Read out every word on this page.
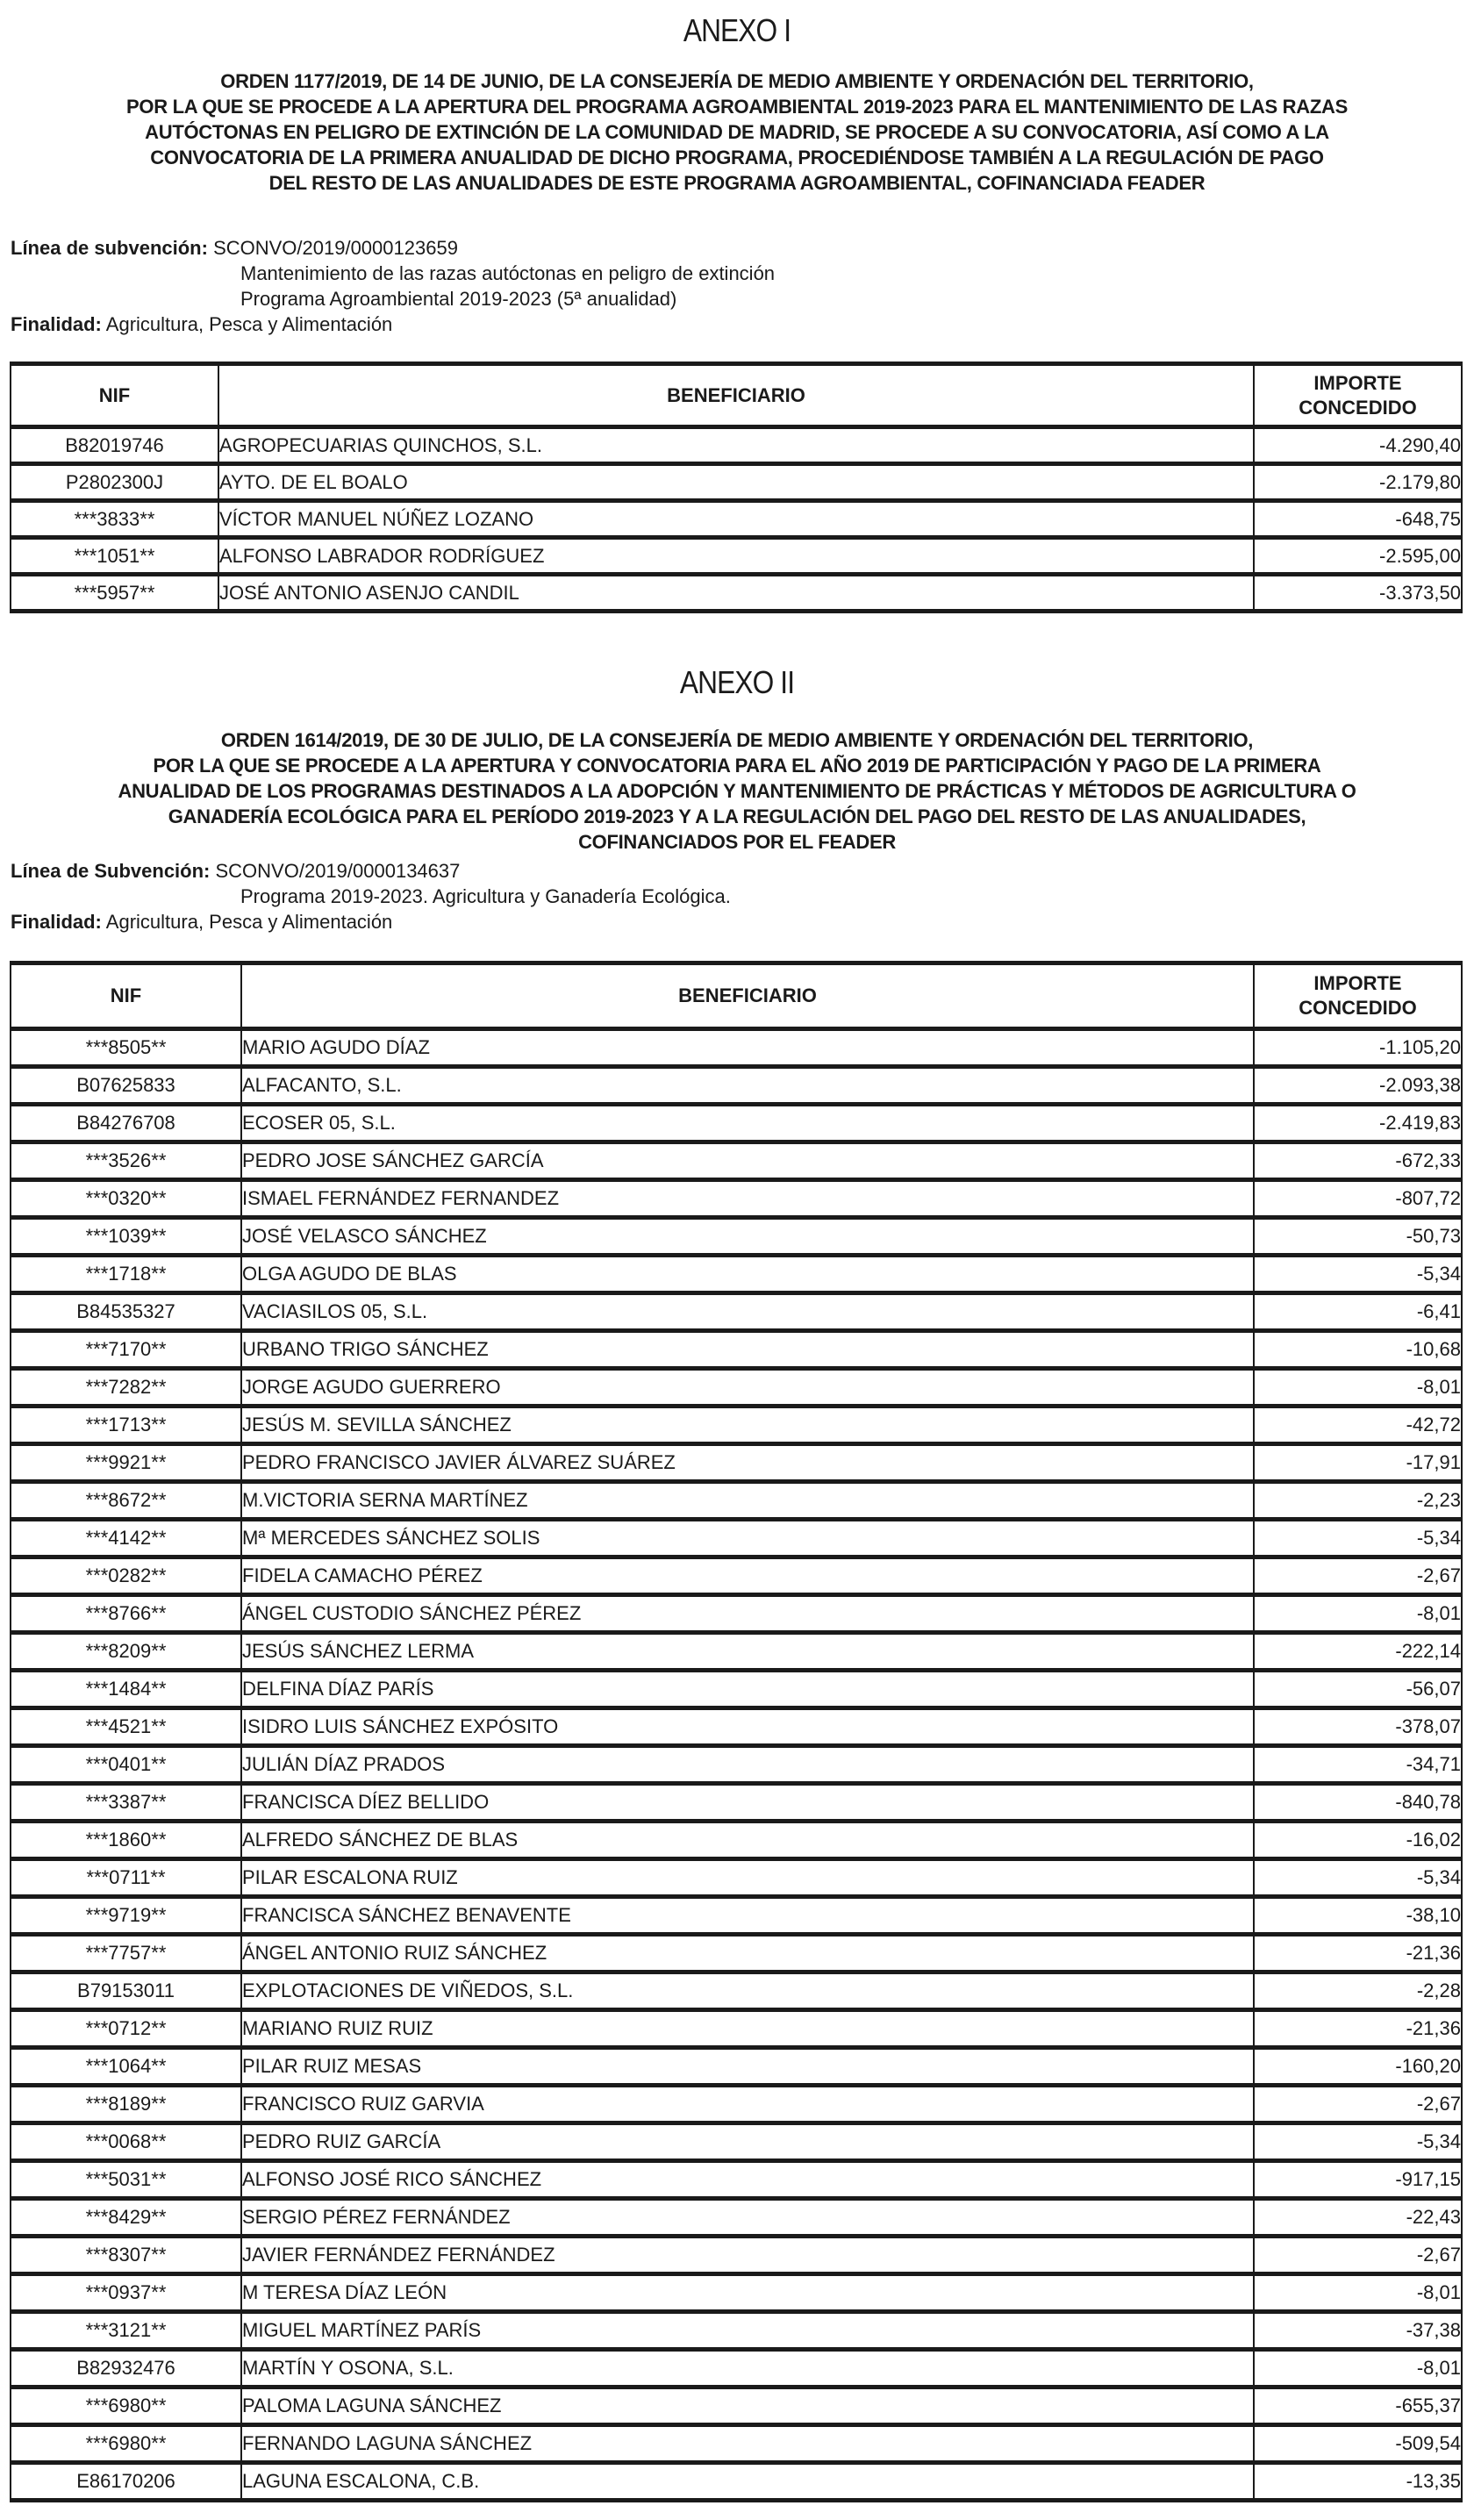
ANEXO I
ORDEN 1177/2019, DE 14 DE JUNIO, DE LA CONSEJERÍA DE MEDIO AMBIENTE Y ORDENACIÓN DEL TERRITORIO,
POR LA QUE SE PROCEDE A LA APERTURA DEL PROGRAMA AGROAMBIENTAL 2019-2023 PARA EL MANTENIMIENTO DE LAS RAZAS
AUTÓCTONAS EN PELIGRO DE EXTINCIÓN DE LA COMUNIDAD DE MADRID, SE PROCEDE A SU CONVOCATORIA, ASÍ COMO A LA
CONVOCATORIA DE LA PRIMERA ANUALIDAD DE DICHO PROGRAMA, PROCEDIÉNDOSE TAMBIÉN A LA REGULACIÓN DE PAGO
DEL RESTO DE LAS ANUALIDADES DE ESTE PROGRAMA AGROAMBIENTAL, COFINANCIADA FEADER
Línea de subvención: SCONVO/2019/0000123659
Mantenimiento de las razas autóctonas en peligro de extinción
Programa Agroambiental 2019-2023 (5ª anualidad)
Finalidad: Agricultura, Pesca y Alimentación
NIF	BENEFICIARIO	IMPORTE
CONCEDIDO
B82019746	AGROPECUARIAS QUINCHOS, S.L.	-4.290,40
P2802300J	AYTO. DE EL BOALO	-2.179,80
***3833**	VÍCTOR MANUEL NÚÑEZ LOZANO	-648,75
***1051**	ALFONSO LABRADOR RODRÍGUEZ	-2.595,00
***5957**	JOSÉ ANTONIO ASENJO CANDIL	-3.373,50
ANEXO II
ORDEN 1614/2019, DE 30 DE JULIO, DE LA CONSEJERÍA DE MEDIO AMBIENTE Y ORDENACIÓN DEL TERRITORIO,
POR LA QUE SE PROCEDE A LA APERTURA Y CONVOCATORIA PARA EL AÑO 2019 DE PARTICIPACIÓN Y PAGO DE LA PRIMERA
ANUALIDAD DE LOS PROGRAMAS DESTINADOS A LA ADOPCIÓN Y MANTENIMIENTO DE PRÁCTICAS Y MÉTODOS DE AGRICULTURA O
GANADERÍA ECOLÓGICA PARA EL PERÍODO 2019-2023 Y A LA REGULACIÓN DEL PAGO DEL RESTO DE LAS ANUALIDADES,
COFINANCIADOS POR EL FEADER
Línea de Subvención: SCONVO/2019/0000134637
Programa 2019-2023. Agricultura y Ganadería Ecológica.
Finalidad: Agricultura, Pesca y Alimentación
NIF	BENEFICIARIO	IMPORTE
CONCEDIDO
***8505**	MARIO AGUDO DÍAZ	-1.105,20
B07625833	ALFACANTO, S.L.	-2.093,38
B84276708	ECOSER 05, S.L.	-2.419,83
***3526**	PEDRO JOSE SÁNCHEZ GARCÍA	-672,33
***0320**	ISMAEL FERNÁNDEZ FERNANDEZ	-807,72
***1039**	JOSÉ VELASCO SÁNCHEZ	-50,73
***1718**	OLGA AGUDO DE BLAS	-5,34
B84535327	VACIASILOS 05, S.L.	-6,41
***7170**	URBANO TRIGO SÁNCHEZ	-10,68
***7282**	JORGE AGUDO GUERRERO	-8,01
***1713**	JESÚS M. SEVILLA SÁNCHEZ	-42,72
***9921**	PEDRO FRANCISCO JAVIER ÁLVAREZ SUÁREZ	-17,91
***8672**	M.VICTORIA SERNA MARTÍNEZ	-2,23
***4142**	Mª MERCEDES SÁNCHEZ SOLIS	-5,34
***0282**	FIDELA CAMACHO PÉREZ	-2,67
***8766**	ÁNGEL CUSTODIO SÁNCHEZ PÉREZ	-8,01
***8209**	JESÚS SÁNCHEZ LERMA	-222,14
***1484**	DELFINA DÍAZ PARÍS	-56,07
***4521**	ISIDRO LUIS SÁNCHEZ EXPÓSITO	-378,07
***0401**	JULIÁN DÍAZ PRADOS	-34,71
***3387**	FRANCISCA DÍEZ BELLIDO	-840,78
***1860**	ALFREDO SÁNCHEZ DE BLAS	-16,02
***0711**	PILAR ESCALONA RUIZ	-5,34
***9719**	FRANCISCA SÁNCHEZ BENAVENTE	-38,10
***7757**	ÁNGEL ANTONIO RUIZ SÁNCHEZ	-21,36
B79153011	EXPLOTACIONES DE VIÑEDOS, S.L.	-2,28
***0712**	MARIANO RUIZ RUIZ	-21,36
***1064**	PILAR RUIZ MESAS	-160,20
***8189**	FRANCISCO RUIZ GARVIA	-2,67
***0068**	PEDRO RUIZ GARCÍA	-5,34
***5031**	ALFONSO JOSÉ RICO SÁNCHEZ	-917,15
***8429**	SERGIO PÉREZ FERNÁNDEZ	-22,43
***8307**	JAVIER FERNÁNDEZ FERNÁNDEZ	-2,67
***0937**	M TERESA DÍAZ LEÓN	-8,01
***3121**	MIGUEL MARTÍNEZ PARÍS	-37,38
B82932476	MARTÍN Y OSONA, S.L.	-8,01
***6980**	PALOMA LAGUNA SÁNCHEZ	-655,37
***6980**	FERNANDO LAGUNA SÁNCHEZ	-509,54
E86170206	LAGUNA ESCALONA, C.B.	-13,35
